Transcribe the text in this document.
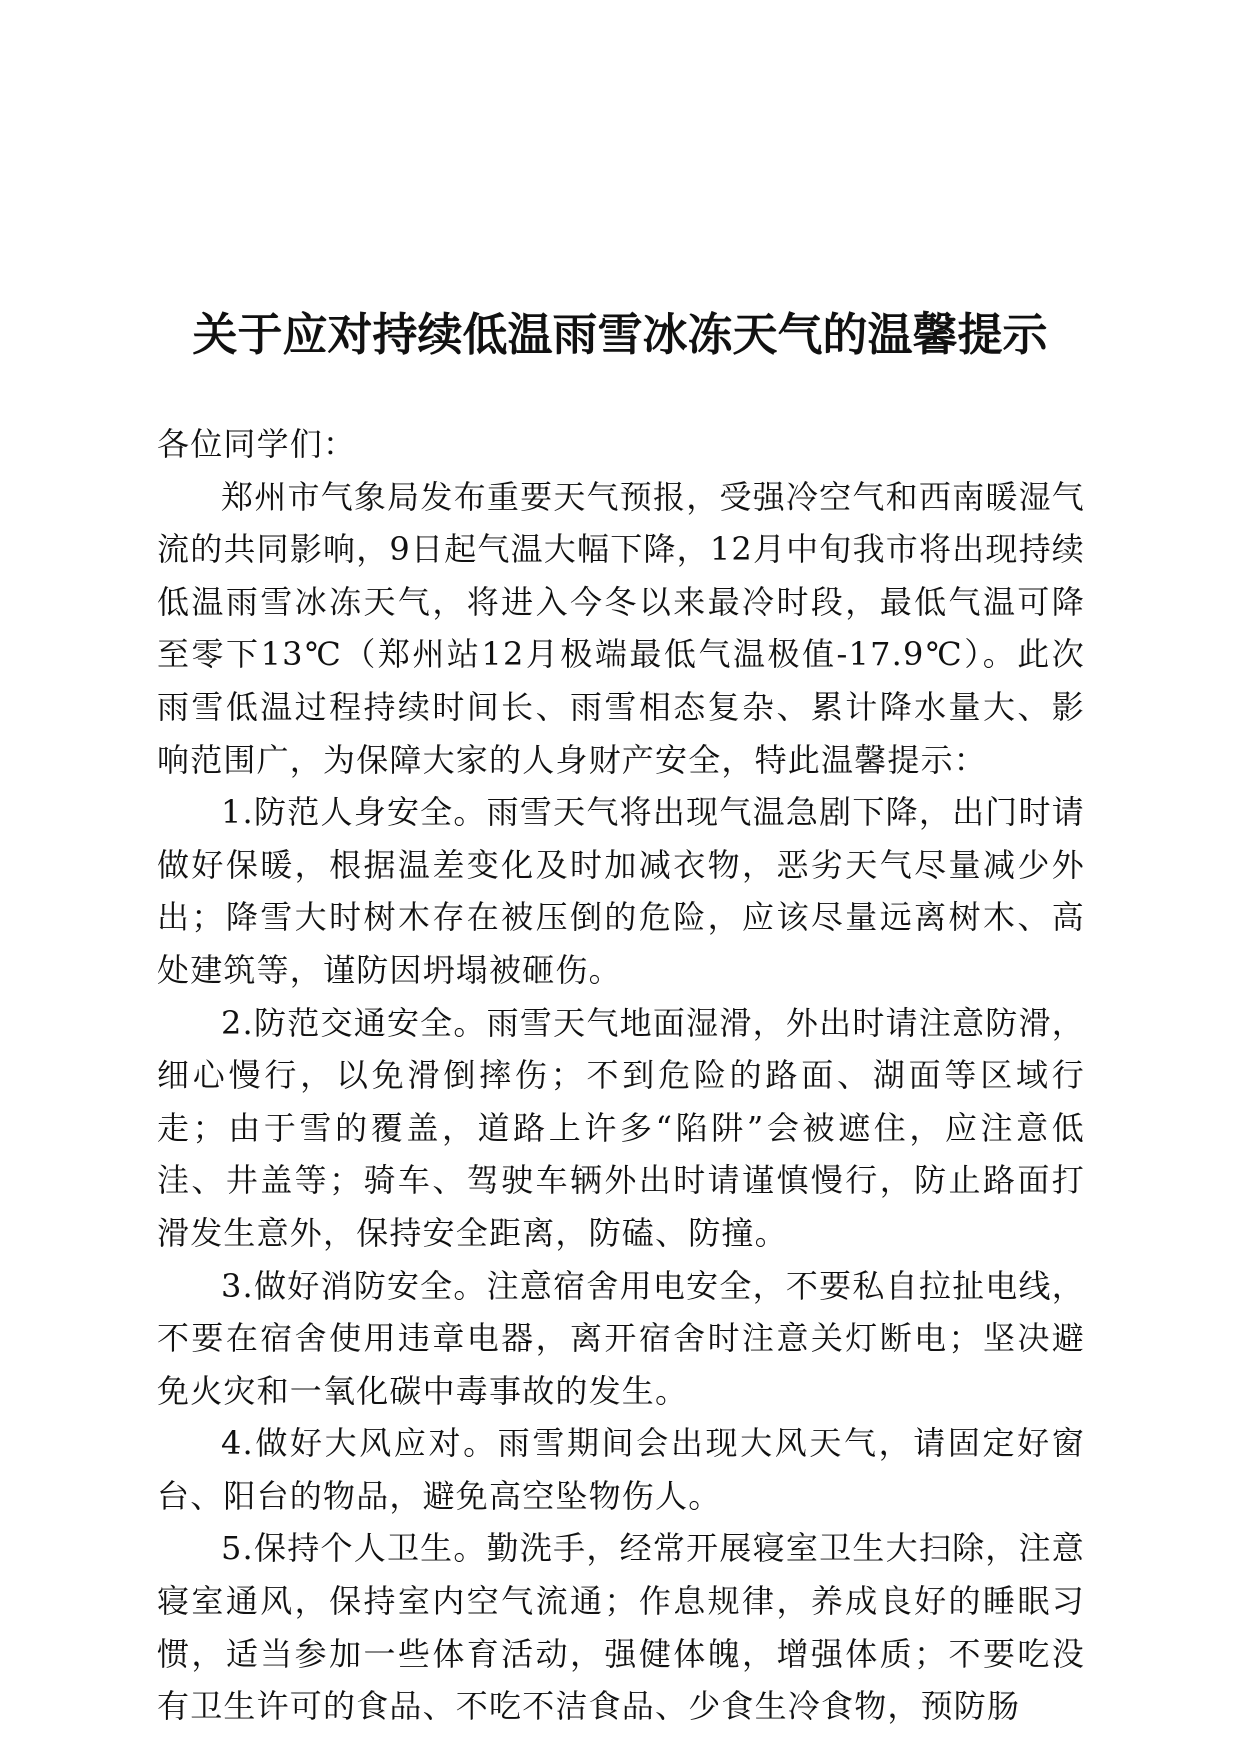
关于应对持续低温雨雪冰冻天气的温馨提示

各位同学们：

郑州市气象局发布重要天气预报，受强冷空气和西南暖湿气流的共同影响，9日起气温大幅下降，12月中旬我市将出现持续低温雨雪冰冻天气，将进入今冬以来最冷时段，最低气温可降至零下13℃（郑州站12月极端最低气温极值-17.9℃）。此次雨雪低温过程持续时间长、雨雪相态复杂、累计降水量大、影响范围广，为保障大家的人身财产安全，特此温馨提示：

1.防范人身安全。雨雪天气将出现气温急剧下降，出门时请做好保暖，根据温差变化及时加减衣物，恶劣天气尽量减少外出；降雪大时树木存在被压倒的危险，应该尽量远离树木、高处建筑等，谨防因坍塌被砸伤。

2.防范交通安全。雨雪天气地面湿滑，外出时请注意防滑，细心慢行，以免滑倒摔伤；不到危险的路面、湖面等区域行走；由于雪的覆盖，道路上许多“陷阱”会被遮住，应注意低洼、井盖等；骑车、驾驶车辆外出时请谨慎慢行，防止路面打滑发生意外，保持安全距离，防磕、防撞。

3.做好消防安全。注意宿舍用电安全，不要私自拉扯电线，不要在宿舍使用违章电器，离开宿舍时注意关灯断电；坚决避免火灾和一氧化碳中毒事故的发生。

4.做好大风应对。雨雪期间会出现大风天气，请固定好窗台、阳台的物品，避免高空坠物伤人。

5.保持个人卫生。勤洗手，经常开展寝室卫生大扫除，注意寝室通风，保持室内空气流通；作息规律，养成良好的睡眠习惯，适当参加一些体育活动，强健体魄，增强体质；不要吃没有卫生许可的食品、不吃不洁食品、少食生冷食物，预防肠
